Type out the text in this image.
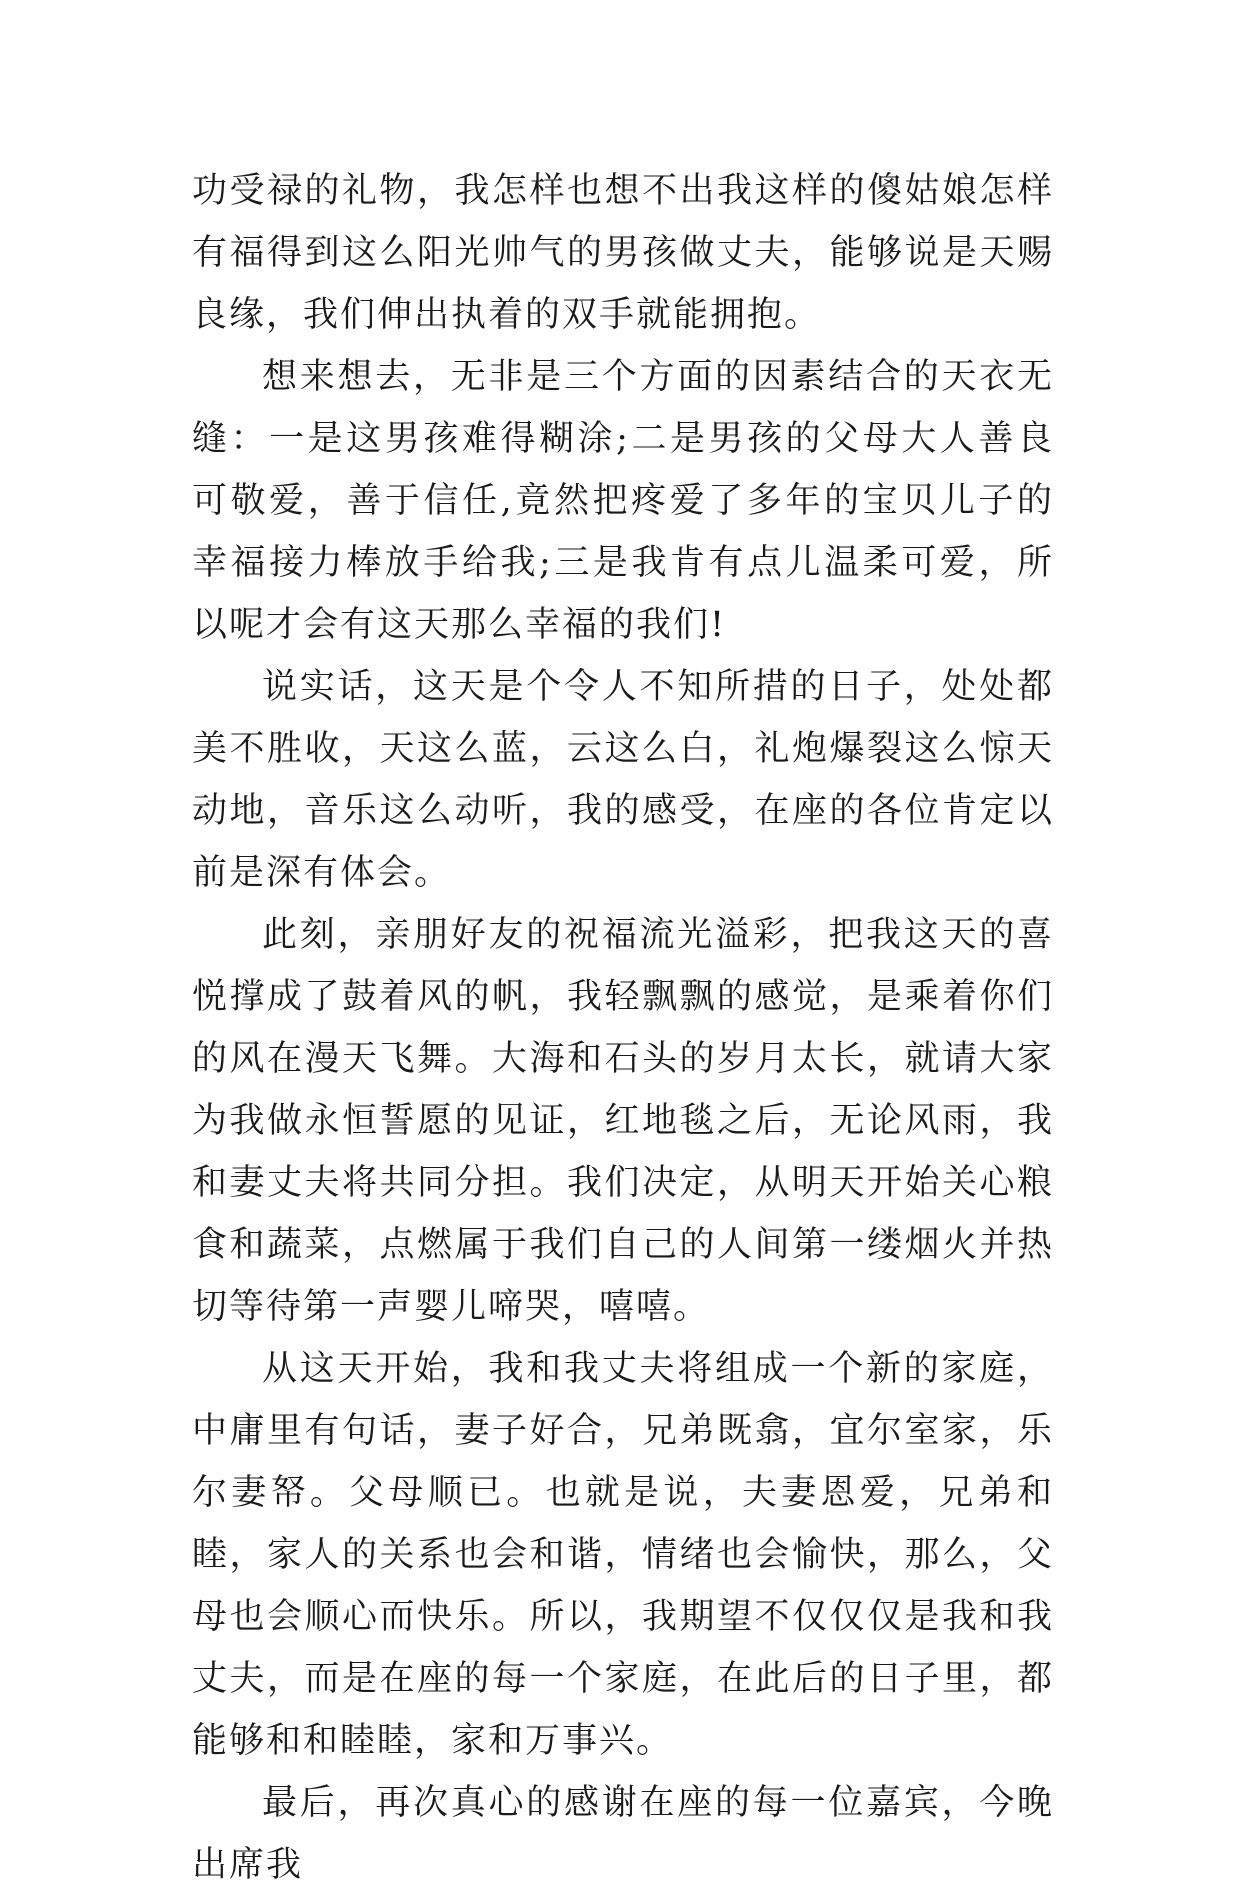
功受禄的礼物，我怎样也想不出我这样的傻姑娘怎样有福得到这么阳光帅气的男孩做丈夫，能够说是天赐良缘，我们伸出执着的双手就能拥抱。

想来想去，无非是三个方面的因素结合的天衣无缝：一是这男孩难得糊涂;二是男孩的父母大人善良可敬爱，善于信任,竟然把疼爱了多年的宝贝儿子的幸福接力棒放手给我;三是我肯有点儿温柔可爱，所以呢才会有这天那么幸福的我们!

说实话，这天是个令人不知所措的日子，处处都美不胜收，天这么蓝，云这么白，礼炮爆裂这么惊天动地，音乐这么动听，我的感受，在座的各位肯定以前是深有体会。

此刻，亲朋好友的祝福流光溢彩，把我这天的喜悦撑成了鼓着风的帆，我轻飘飘的感觉，是乘着你们的风在漫天飞舞。大海和石头的岁月太长，就请大家为我做永恒誓愿的见证，红地毯之后，无论风雨，我和妻丈夫将共同分担。我们决定，从明天开始关心粮食和蔬菜，点燃属于我们自己的人间第一缕烟火并热切等待第一声婴儿啼哭，嘻嘻。

从这天开始，我和我丈夫将组成一个新的家庭，中庸里有句话，妻子好合，兄弟既翕，宜尔室家，乐尔妻帑。父母顺已。也就是说，夫妻恩爱，兄弟和睦，家人的关系也会和谐，情绪也会愉快，那么，父母也会顺心而快乐。所以，我期望不仅仅仅是我和我丈夫，而是在座的每一个家庭，在此后的日子里，都能够和和睦睦，家和万事兴。

最后，再次真心的感谢在座的每一位嘉宾，今晚出席我
